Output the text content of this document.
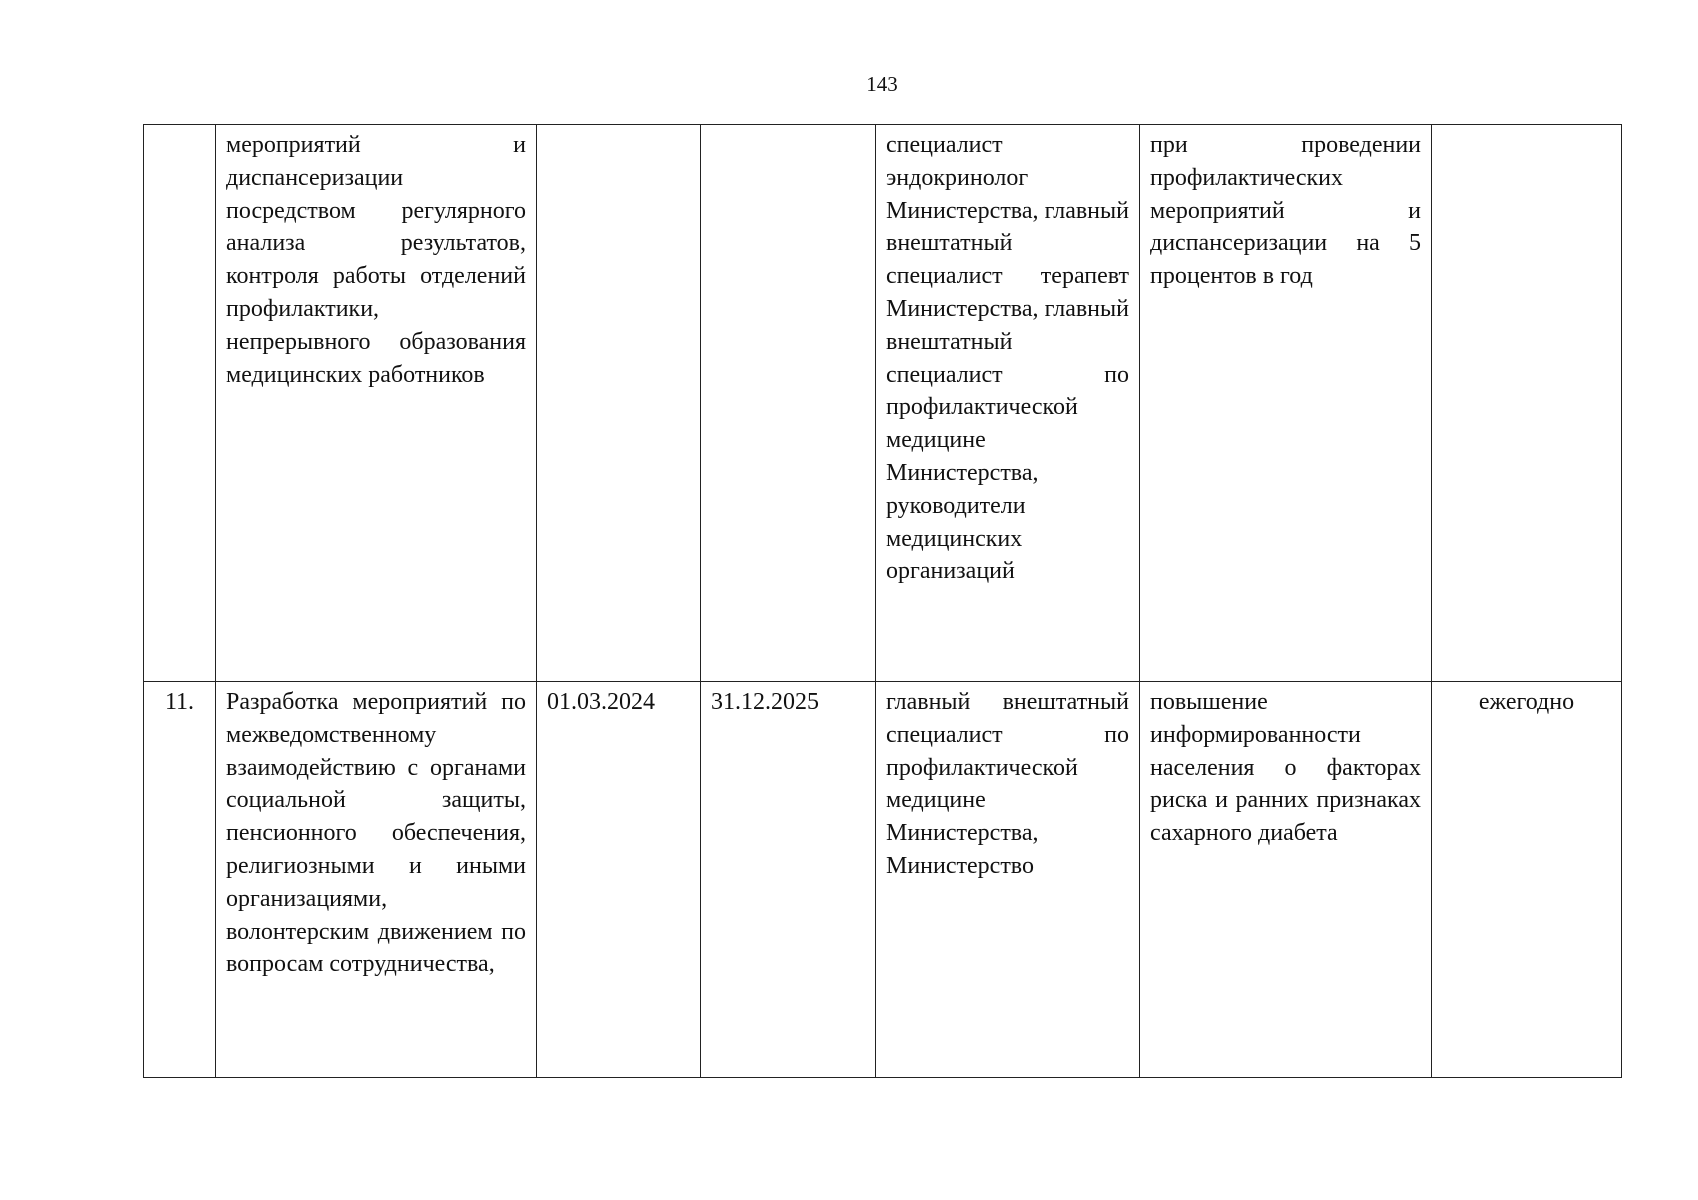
143
	мероприятий и диспансеризации посредством регулярного анализа результатов, контроля работы отделений профилактики, непрерывного образования медицинских работников			специалист эндокринолог Министерства, главный внештатный специалист терапевт Министерства, главный внештатный специалист по профилактической медицине Министерства, руководители медицинских организаций	при проведении профилактических мероприятий и диспансеризации на 5 процентов в год	
11.	Разработка мероприятий по межведомственному взаимодействию с органами социальной защиты, пенсионного обеспечения, религиозными и иными организациями, волонтерским движением по вопросам сотрудничества,	01.03.2024	31.12.2025	главный внештатный специалист по профилактической медицине Министерства, Министерство	повышение информированности населения о факторах риска и ранних признаках сахарного диабета	ежегодно
